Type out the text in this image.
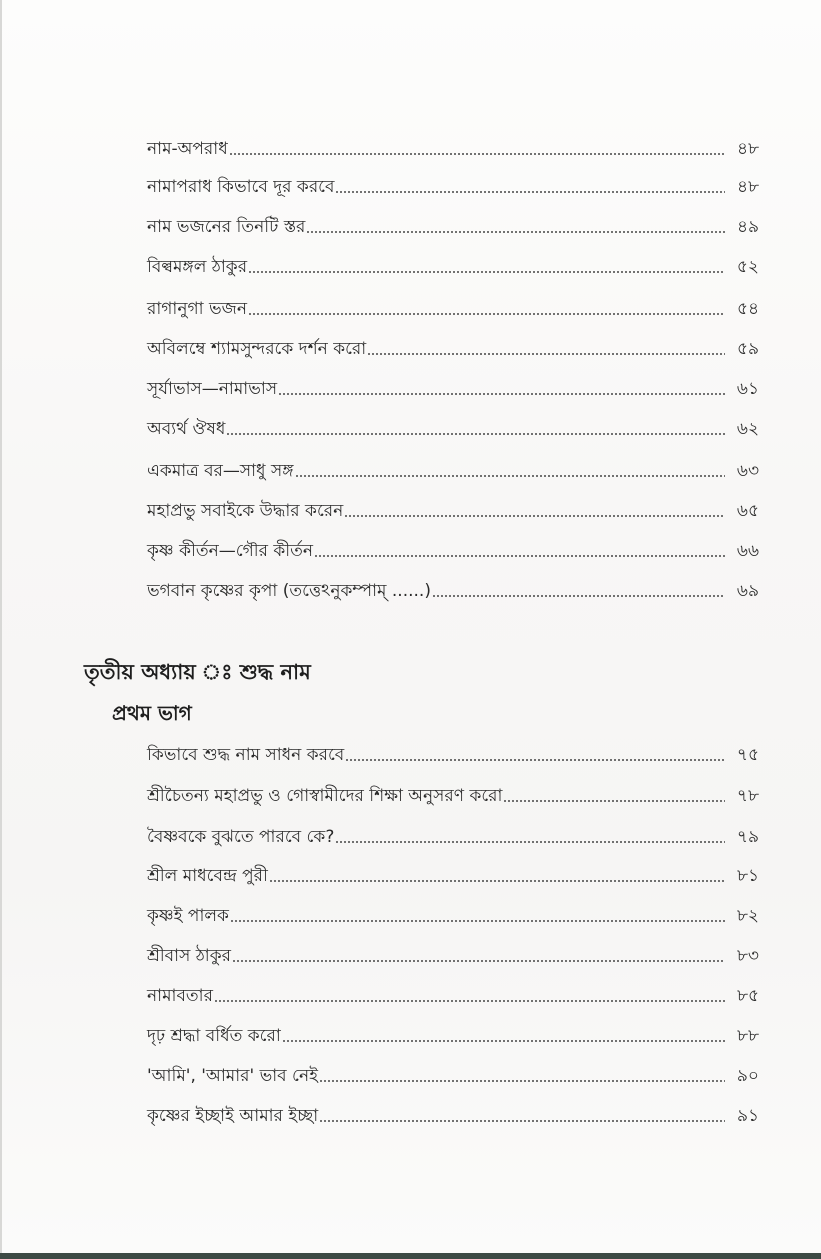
নাম-অপরাধ	৪৮
নামাপরাধ কিভাবে দূর করবে	৪৮
নাম ভজনের তিনটি স্তর	৪৯
বিল্বমঙ্গল ঠাকুর	৫২
রাগানুগা ভজন	৫৪
অবিলম্বে শ্যামসুন্দরকে দর্শন করো	৫৯
সূর্যাভাস—নামাভাস	৬১
অব্যর্থ ঔষধ	৬২
একমাত্র বর—সাধু সঙ্গ	৬৩
মহাপ্রভু সবাইকে উদ্ধার করেন	৬৫
কৃষ্ণ কীর্তন—গৌর কীর্তন	৬৬
ভগবান কৃষ্ণের কৃপা (তত্তেঽনুকম্পাম্ ......)	৬৯
তৃতীয় অধ্যায় ঃ শুদ্ধ নাম
প্রথম ভাগ
কিভাবে শুদ্ধ নাম সাধন করবে	৭৫
শ্রীচৈতন্য মহাপ্রভু ও গোস্বামীদের শিক্ষা অনুসরণ করো	৭৮
বৈষ্ণবকে বুঝতে পারবে কে?	৭৯
শ্রীল মাধবেন্দ্র পুরী	৮১
কৃষ্ণই পালক	৮২
শ্রীবাস ঠাকুর	৮৩
নামাবতার	৮৫
দৃঢ় শ্রদ্ধা বর্ধিত করো	৮৮
'আমি', 'আমার' ভাব নেই	৯০
কৃষ্ণের ইচ্ছাই আমার ইচ্ছা	৯১
